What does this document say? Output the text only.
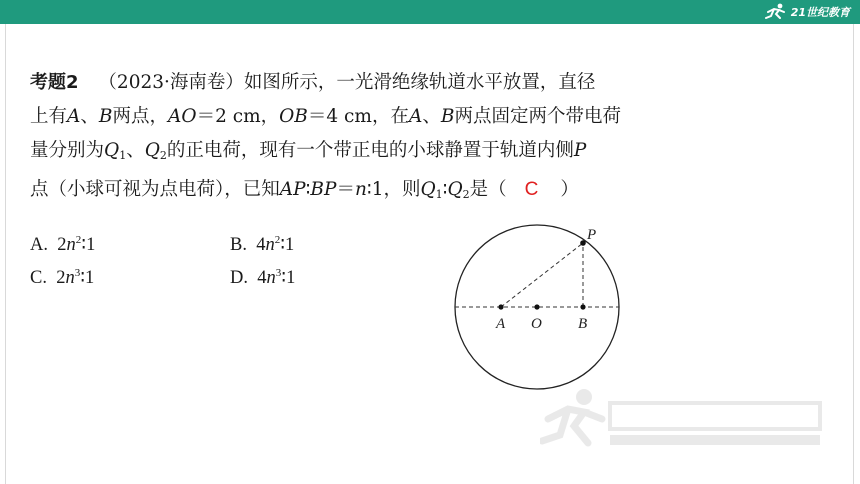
21世纪教育

考题2 （2023·海南卷）如图所示，一光滑绝缘轨道水平放置，直径

上有A、B两点，AO＝2 cm，OB＝4 cm，在A、B两点固定两个带电荷

量分别为$Q_1$、$Q_2$的正电荷，现有一个带正电的小球静置于轨道内侧P

点（小球可视为点电荷），已知AP∶BP＝n∶1，则$Q_1∶Q_2$是（ C ）

A. $2n^2∶1$	B. $4n^2∶1$
C. $2n^3∶1$	D. $4n^3∶1$
P
A O B
